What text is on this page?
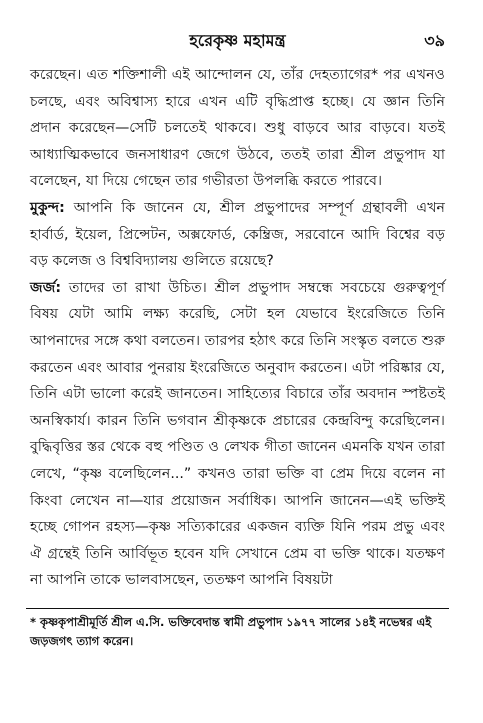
হরেকৃষ্ণ মহামন্ত্র	৩৯

করেছেন। এত শক্তিশালী এই আন্দোলন যে, তাঁর দেহত্যাগের* পর এখনও চলছে, এবং অবিশ্বাস্য হারে এখন এটি বৃদ্ধিপ্রাপ্ত হচ্ছে। যে জ্ঞান তিনি প্রদান করেছেন—সেটি চলতেই থাকবে। শুধু বাড়বে আর বাড়বে। যতই আধ্যাত্মিকভাবে জনসাধারণ জেগে উঠবে, ততই তারা শ্রীল প্রভুপাদ যা বলেছেন, যা দিয়ে গেছেন তার গভীরতা উপলব্ধি করতে পারবে।

মুকুন্দ: আপনি কি জানেন যে, শ্রীল প্রভুপাদের সম্পূর্ণ গ্রন্থাবলী এখন হার্বার্ড, ইয়েল, প্রিন্সেটন, অক্সফোর্ড, কেম্ব্রিজ, সরবোনে আদি বিশ্বের বড় বড় কলেজ ও বিশ্ববিদ্যালয় গুলিতে রয়েছে?

জর্জ: তাদের তা রাখা উচিত। শ্রীল প্রভুপাদ সম্বন্ধে সবচেয়ে গুরুত্বপূর্ণ বিষয় যেটা আমি লক্ষ্য করেছি, সেটা হল যেভাবে ইংরেজিতে তিনি আপনাদের সঙ্গে কথা বলতেন। তারপর হঠাৎ করে তিনি সংস্কৃত বলতে শুরু করতেন এবং আবার পুনরায় ইংরেজিতে অনুবাদ করতেন। এটা পরিষ্কার যে, তিনি এটা ভালো করেই জানতেন। সাহিত্যের বিচারে তাঁর অবদান স্পষ্টতই অনস্বিকার্য। কারন তিনি ভগবান শ্রীকৃষ্ণকে প্রচারের কেন্দ্রবিন্দু করেছিলেন। বুদ্ধিবৃত্তির স্তর থেকে বহু পণ্ডিত ও লেখক গীতা জানেন এমনকি যখন তারা লেখে, “কৃষ্ণ বলেছিলেন...” কখনও তারা ভক্তি বা প্রেম দিয়ে বলেন না কিংবা লেখেন না—যার প্রয়োজন সর্বাধিক। আপনি জানেন—এই ভক্তিই হচ্ছে গোপন রহস্য—কৃষ্ণ সত্যিকারের একজন ব্যক্তি যিনি পরম প্রভু এবং ঐ গ্রন্থেই তিনি আর্বিভূত হবেন যদি সেখানে প্রেম বা ভক্তি থাকে। যতক্ষণ না আপনি তাকে ভালবাসছেন, ততক্ষণ আপনি বিষয়টা

* কৃষ্ণকৃপাশ্রীমূর্তি শ্রীল এ.সি. ভক্তিবেদান্ত স্বামী প্রভুপাদ ১৯৭৭ সালের ১৪ই নভেম্বর এই জড়জগৎ ত্যাগ করেন।
